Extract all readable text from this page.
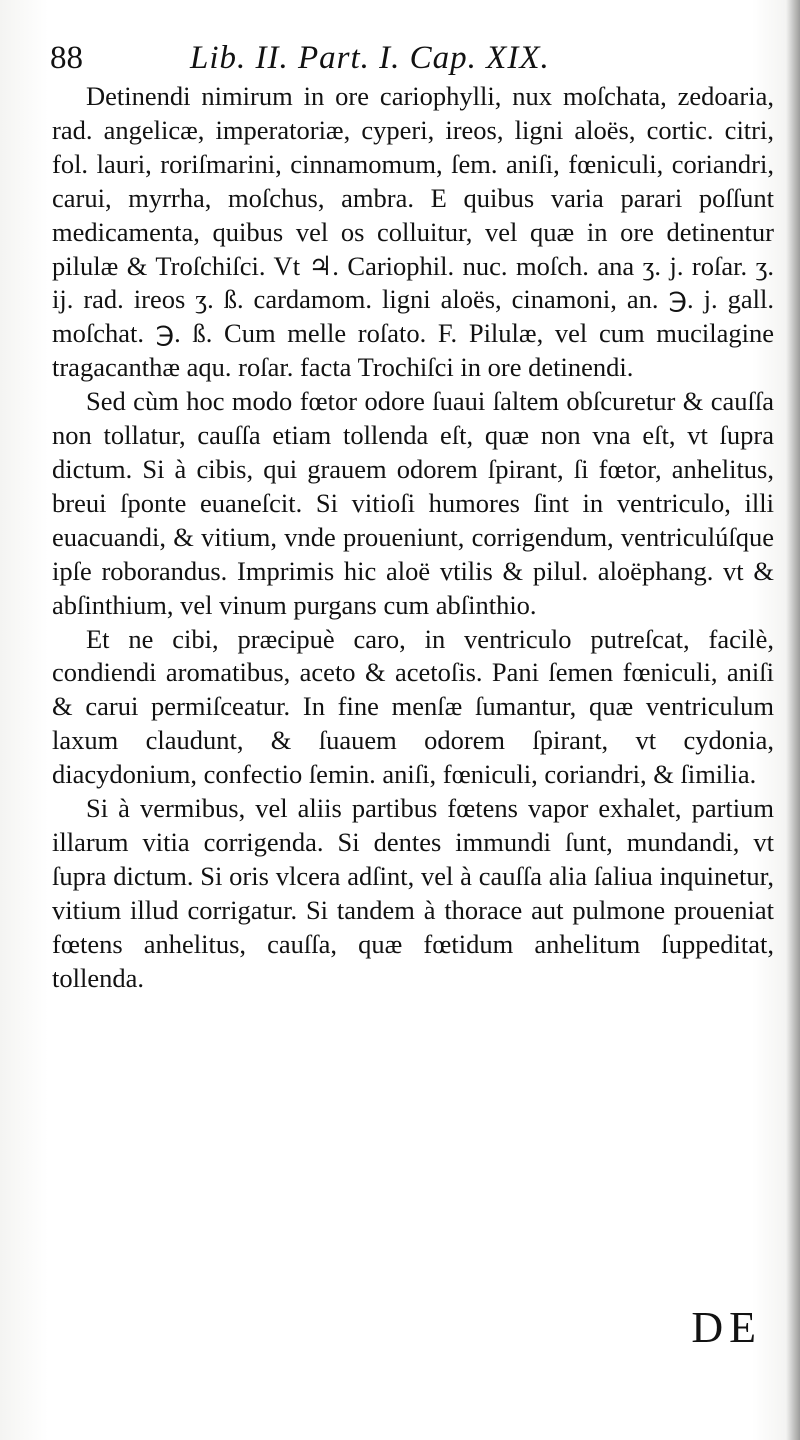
88	Lib. II. Part. I. Cap. XIX.

Detinendi nimirum in ore cariophylli, nux moſchata, zedoaria, rad. angelicæ, imperatoriæ, cyperi, ireos, ligni aloës, cortic. citri, fol. lauri, roriſmarini, cinnamomum, ſem. aniſi, fœniculi, coriandri, carui, myrrha, moſchus, ambra. E quibus varia parari poſſunt medicamenta, quibus vel os colluitur, vel quæ in ore detinentur pilulæ & Troſchiſci. Vt ♃. Cariophil. nuc. moſch. ana ʒ. j. roſar. ʒ. ij. rad. ireos ʒ. ß. cardamom. ligni aloës, cinamoni, an. ℈. j. gall. moſchat. ℈. ß. Cum melle roſato. F. Pilulæ, vel cum mucilagine tragacanthæ aqu. roſar. facta Trochiſci in ore detinendi.

Sed cùm hoc modo fœtor odore ſuaui ſaltem obſcuretur & cauſſa non tollatur, cauſſa etiam tollenda eſt, quæ non vna eſt, vt ſupra dictum. Si à cibis, qui grauem odorem ſpirant, ſi fœtor, anhelitus, breui ſponte euaneſcit. Si vitioſi humores ſint in ventriculo, illi euacuandi, & vitium, vnde proueniunt, corrigendum, ventriculúſque ipſe roborandus. Imprimis hic aloë vtilis & pilul. aloëphang. vt & abſinthium, vel vinum purgans cum abſinthio.

Et ne cibi, præcipuè caro, in ventriculo putreſcat, facilè, condiendi aromatibus, aceto & acetoſis. Pani ſemen fœniculi, aniſi & carui permiſceatur. In fine menſæ ſumantur, quæ ventriculum laxum claudunt, & ſuauem odorem ſpirant, vt cydonia, diacydonium, confectio ſemin. aniſi, fœniculi, coriandri, & ſimilia.

Si à vermibus, vel aliis partibus fœtens vapor exhalet, partium illarum vitia corrigenda. Si dentes immundi ſunt, mundandi, vt ſupra dictum. Si oris vlcera adſint, vel à cauſſa alia ſaliua inquinetur, vitium illud corrigatur. Si tandem à thorace aut pulmone proueniat fœtens anhelitus, cauſſa, quæ fœtidum anhelitum ſuppeditat, tollenda.

DE
